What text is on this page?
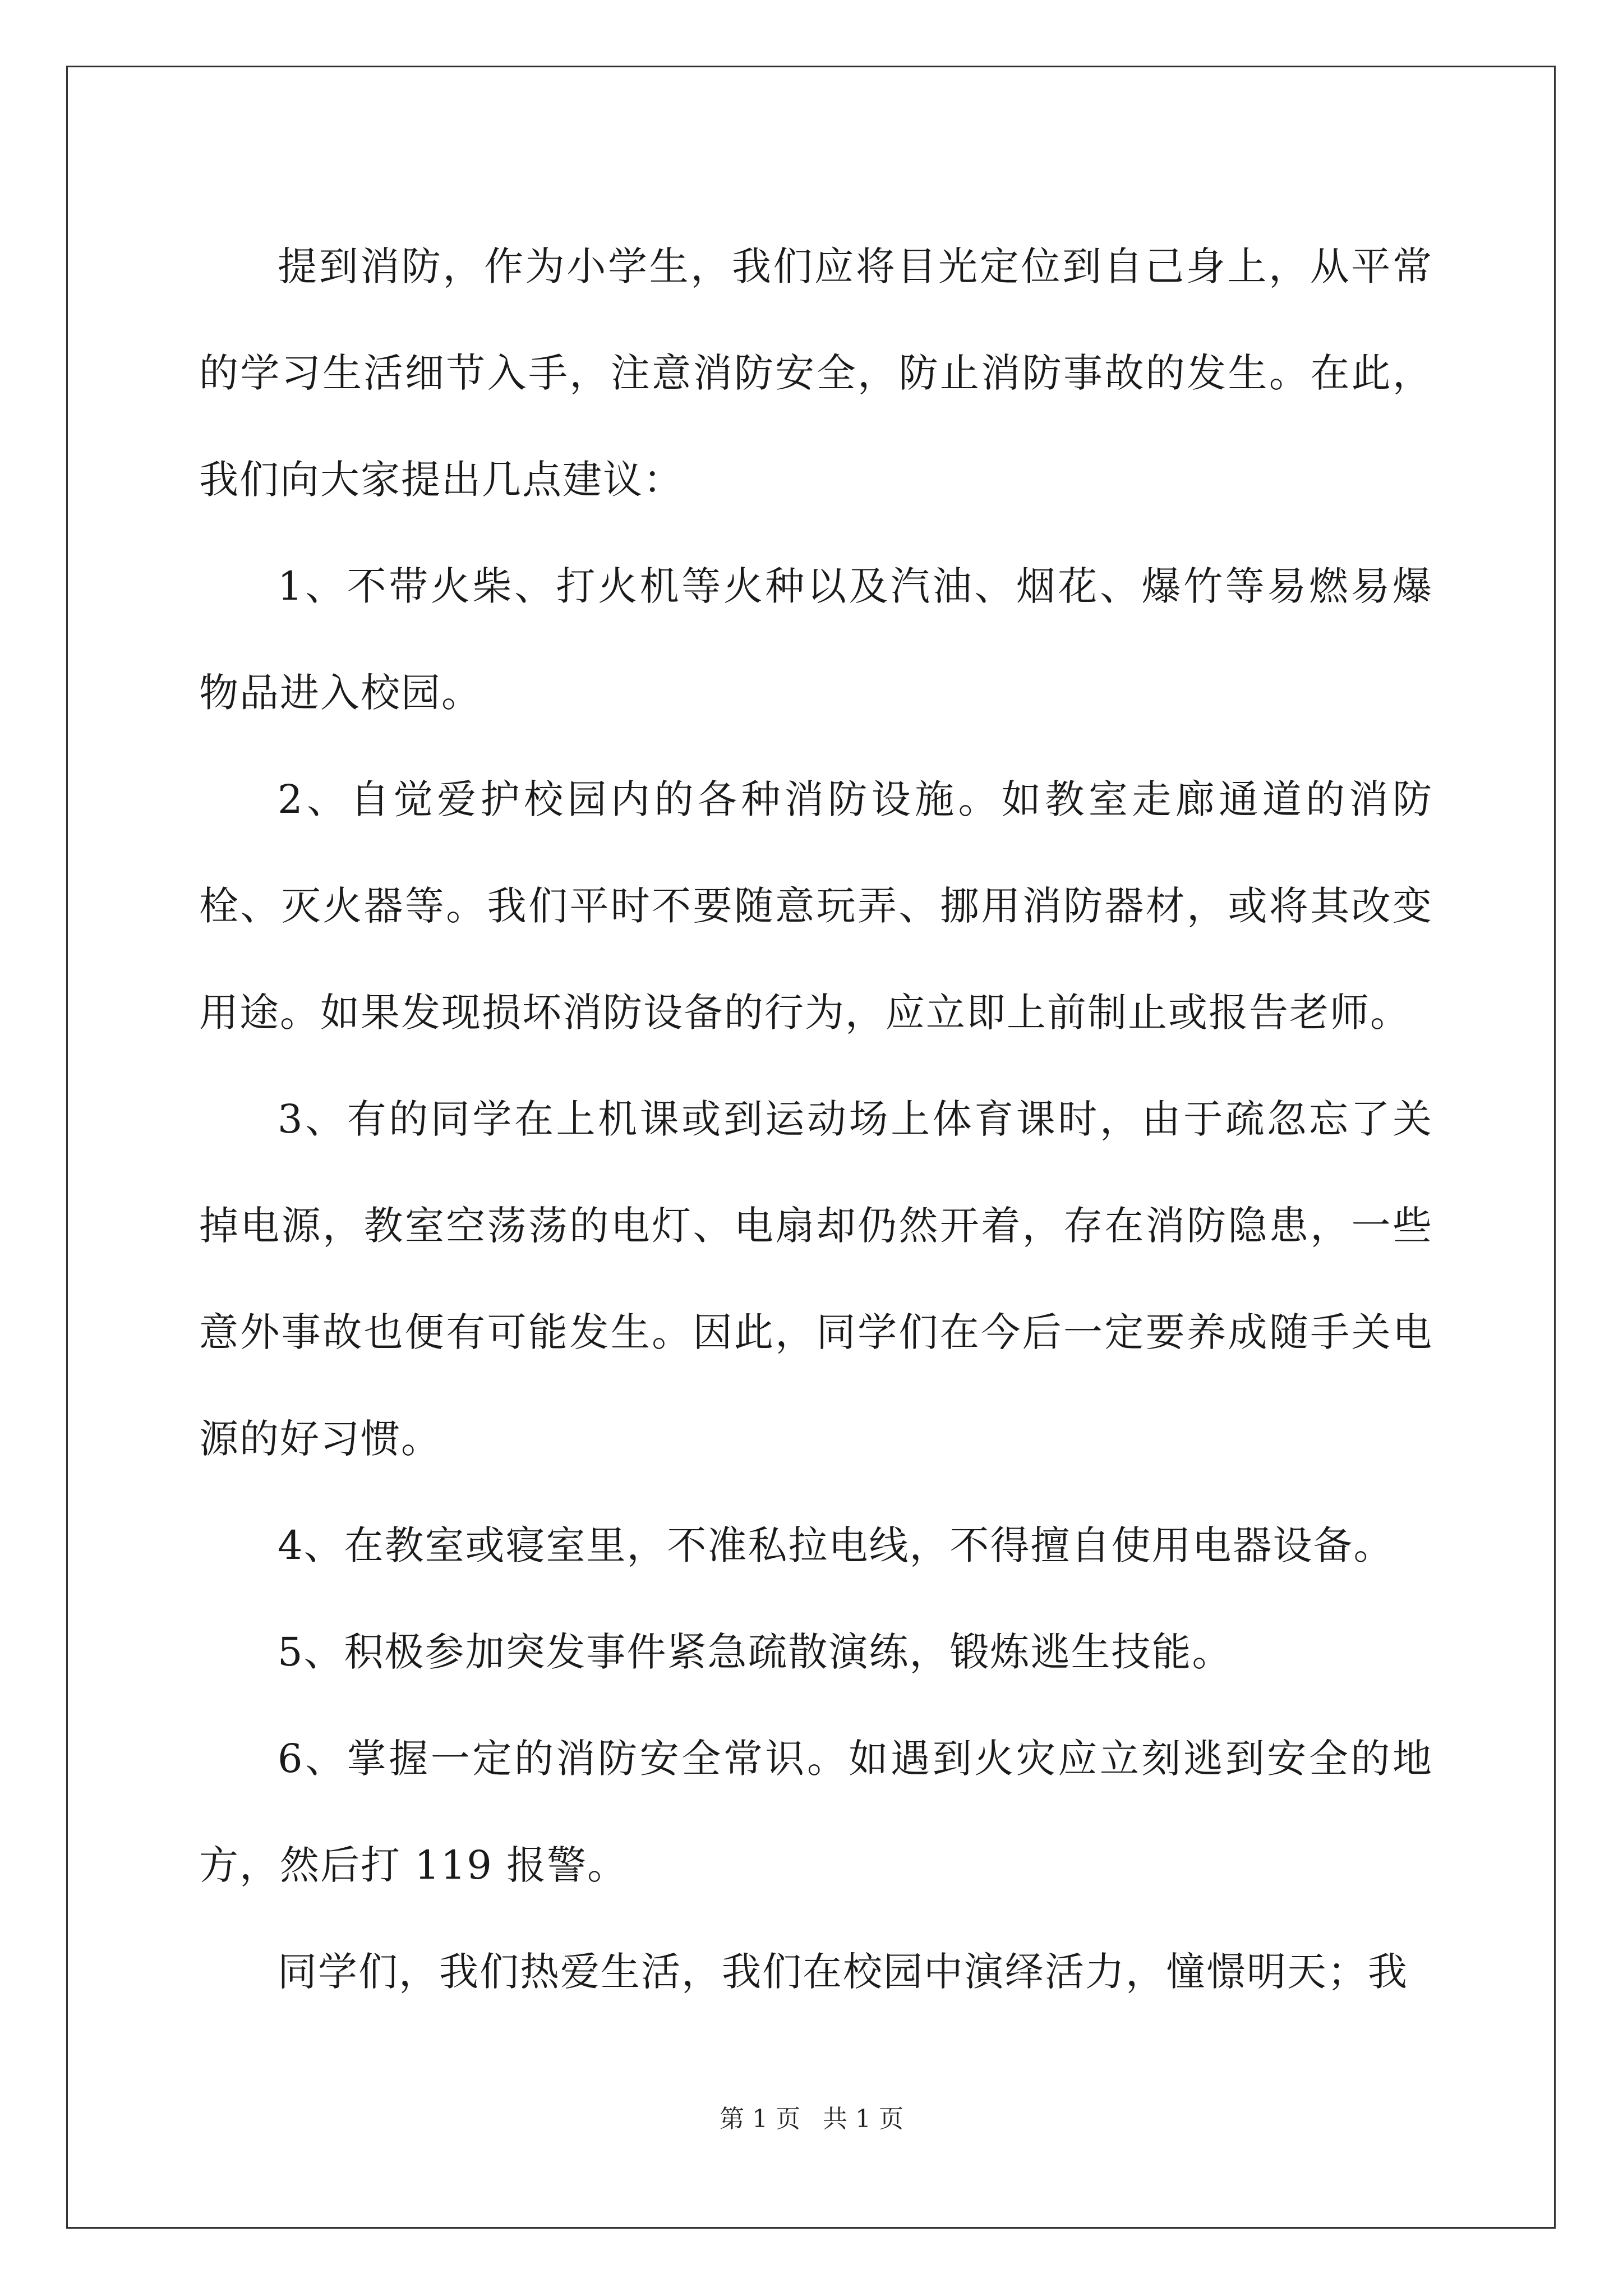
提到消防，作为小学生，我们应将目光定位到自己身上，从平常的学习生活细节入手，注意消防安全，防止消防事故的发生。在此，我们向大家提出几点建议：

1、不带火柴、打火机等火种以及汽油、烟花、爆竹等易燃易爆物品进入校园。

2、自觉爱护校园内的各种消防设施。如教室走廊通道的消防栓、灭火器等。我们平时不要随意玩弄、挪用消防器材，或将其改变用途。如果发现损坏消防设备的行为，应立即上前制止或报告老师。

3、有的同学在上机课或到运动场上体育课时，由于疏忽忘了关掉电源，教室空荡荡的电灯、电扇却仍然开着，存在消防隐患，一些意外事故也便有可能发生。因此，同学们在今后一定要养成随手关电源的好习惯。

4、在教室或寝室里，不准私拉电线，不得擅自使用电器设备。

5、积极参加突发事件紧急疏散演练，锻炼逃生技能。

6、掌握一定的消防安全常识。如遇到火灾应立刻逃到安全的地方，然后打 119 报警。

同学们，我们热爱生活，我们在校园中演绎活力，憧憬明天；我

第 1 页 共 1 页
